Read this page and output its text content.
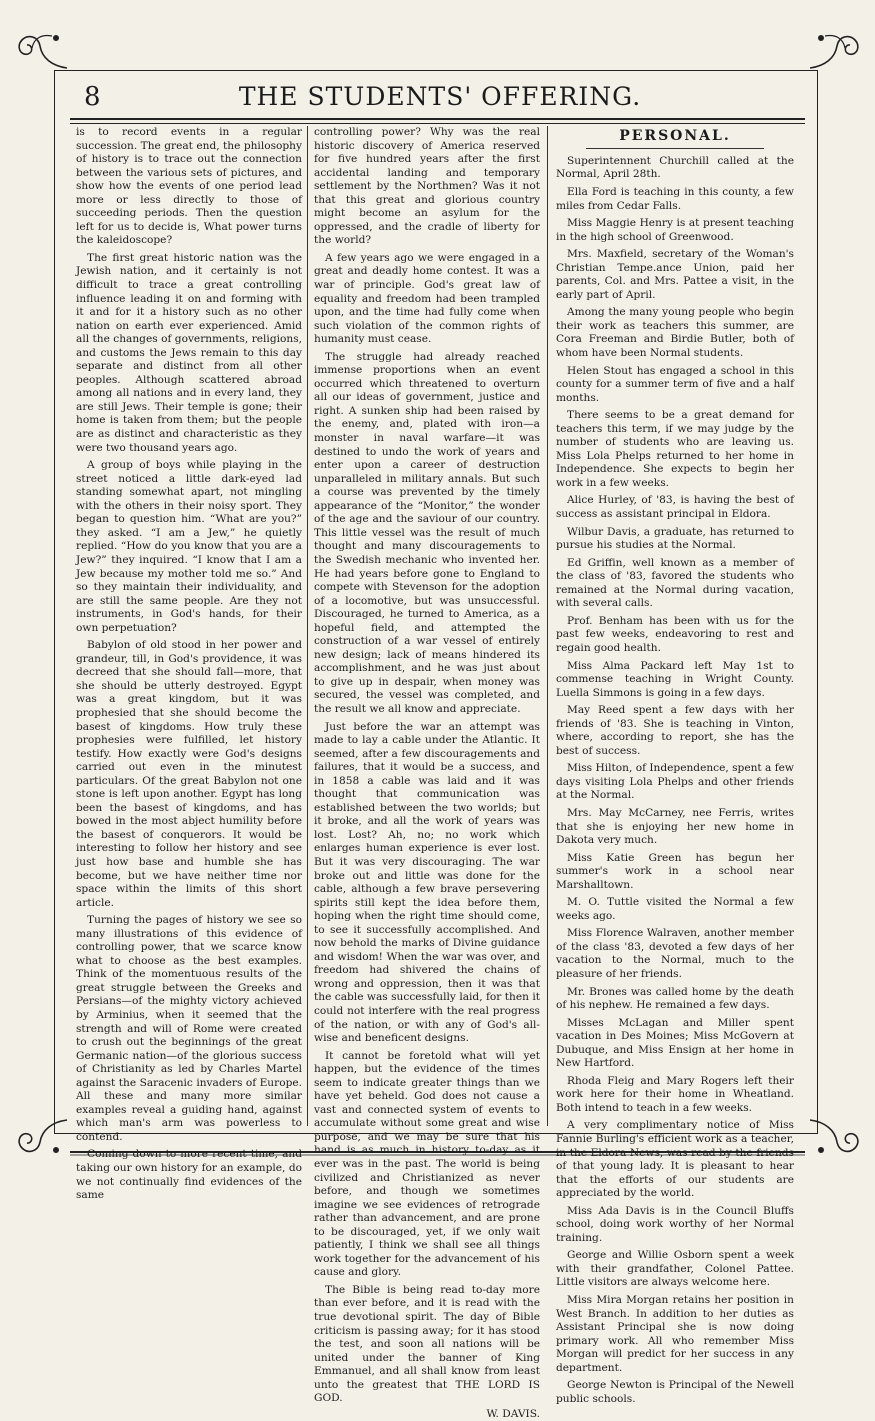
8	THE STUDENTS' OFFERING.

is to record events in a regular succession. The great end, the philosophy of history is to trace out the connection between the various sets of pictures, and show how the events of one period lead more or less directly to those of succeeding periods. Then the question left for us to decide is, What power turns the kaleidoscope?

The first great historic nation was the Jewish nation, and it certainly is not difficult to trace a great controlling influence leading it on and forming with it and for it a history such as no other nation on earth ever experienced. Amid all the changes of governments, religions, and customs the Jews remain to this day separate and distinct from all other peoples. Although scattered abroad among all nations and in every land, they are still Jews. Their temple is gone; their home is taken from them; but the people are as distinct and characteristic as they were two thousand years ago.

A group of boys while playing in the street noticed a little dark-eyed lad standing somewhat apart, not mingling with the others in their noisy sport. They began to question him. “What are you?” they asked. “I am a Jew,” he quietly replied. “How do you know that you are a Jew?” they inquired. “I know that I am a Jew because my mother told me so.” And so they maintain their individuality, and are still the same people. Are they not instruments, in God's hands, for their own perpetuation?

Babylon of old stood in her power and grandeur, till, in God's providence, it was decreed that she should fall—more, that she should be utterly destroyed. Egypt was a great kingdom, but it was prophesied that she should become the basest of kingdoms. How truly these prophesies were fulfilled, let history testify. How exactly were God's designs carried out even in the minutest particulars. Of the great Babylon not one stone is left upon another. Egypt has long been the basest of kingdoms, and has bowed in the most abject humility before the basest of conquerors. It would be interesting to follow her history and see just how base and humble she has become, but we have neither time nor space within the limits of this short article.

Turning the pages of history we see so many illustrations of this evidence of controlling power, that we scarce know what to choose as the best examples. Think of the momentuous results of the great struggle between the Greeks and Persians—of the mighty victory achieved by Arminius, when it seemed that the strength and will of Rome were created to crush out the beginnings of the great Germanic nation—of the glorious success of Christianity as led by Charles Martel against the Saracenic invaders of Europe. All these and many more similar examples reveal a guiding hand, against which man's arm was powerless to contend.

Coming down to more recent time, and taking our own history for an example, do we not continually find evidences of the same

controlling power? Why was the real historic discovery of America reserved for five hundred years after the first accidental landing and temporary settlement by the Northmen? Was it not that this great and glorious country might become an asylum for the oppressed, and the cradle of liberty for the world?

A few years ago we were engaged in a great and deadly home contest. It was a war of principle. God's great law of equality and freedom had been trampled upon, and the time had fully come when such violation of the common rights of humanity must cease.

The struggle had already reached immense proportions when an event occurred which threatened to overturn all our ideas of government, justice and right. A sunken ship had been raised by the enemy, and, plated with iron—a monster in naval warfare—it was destined to undo the work of years and enter upon a career of destruction unparalleled in military annals. But such a course was prevented by the timely appearance of the “Monitor,” the wonder of the age and the saviour of our country. This little vessel was the result of much thought and many discouragements to the Swedish mechanic who invented her. He had years before gone to England to compete with Stevenson for the adoption of a locomotive, but was unsuccessful. Discouraged, he turned to America, as a hopeful field, and attempted the construction of a war vessel of entirely new design; lack of means hindered its accomplishment, and he was just about to give up in despair, when money was secured, the vessel was completed, and the result we all know and appreciate.

Just before the war an attempt was made to lay a cable under the Atlantic. It seemed, after a few discouragements and failures, that it would be a success, and in 1858 a cable was laid and it was thought that communication was established between the two worlds; but it broke, and all the work of years was lost. Lost? Ah, no; no work which enlarges human experience is ever lost. But it was very discouraging. The war broke out and little was done for the cable, although a few brave persevering spirits still kept the idea before them, hoping when the right time should come, to see it successfully accomplished. And now behold the marks of Divine guidance and wisdom! When the war was over, and freedom had shivered the chains of wrong and oppression, then it was that the cable was successfully laid, for then it could not interfere with the real progress of the nation, or with any of God's all-wise and beneficent designs.

It cannot be foretold what will yet happen, but the evidence of the times seem to indicate greater things than we have yet beheld. God does not cause a vast and connected system of events to accumulate without some great and wise purpose, and we may be sure that his hand is as much in history to-day as it ever was in the past. The world is being civilized and Christianized as never before, and though we sometimes imagine we see evidences of retrograde rather than advancement, and are prone to be discouraged, yet, if we only wait patiently, I think we shall see all things work together for the advancement of his cause and glory.

The Bible is being read to-day more than ever before, and it is read with the true devotional spirit. The day of Bible criticism is passing away; for it has stood the test, and soon all nations will be united under the banner of King Emmanuel, and all shall know from least unto the greatest that THE LORD IS GOD.

W. DAVIS.
PERSONAL.

Superintennent Churchill called at the Normal, April 28th.

Ella Ford is teaching in this county, a few miles from Cedar Falls.

Miss Maggie Henry is at present teaching in the high school of Greenwood.

Mrs. Maxfield, secretary of the Woman's Christian Tempe.ance Union, paid her parents, Col. and Mrs. Pattee a visit, in the early part of April.

Among the many young people who begin their work as teachers this summer, are Cora Freeman and Birdie Butler, both of whom have been Normal students.

Helen Stout has engaged a school in this county for a summer term of five and a half months.

There seems to be a great demand for teachers this term, if we may judge by the number of students who are leaving us. Miss Lola Phelps returned to her home in Independence. She expects to begin her work in a few weeks.

Alice Hurley, of '83, is having the best of success as assistant principal in Eldora.

Wilbur Davis, a graduate, has returned to pursue his studies at the Normal.

Ed Griffin, well known as a member of the class of '83, favored the students who remained at the Normal during vacation, with several calls.

Prof. Benham has been with us for the past few weeks, endeavoring to rest and regain good health.

Miss Alma Packard left May 1st to commense teaching in Wright County. Luella Simmons is going in a few days.

May Reed spent a few days with her friends of '83. She is teaching in Vinton, where, according to report, she has the best of success.

Miss Hilton, of Independence, spent a few days visiting Lola Phelps and other friends at the Normal.

Mrs. May McCarney, nee Ferris, writes that she is enjoying her new home in Dakota very much.

Miss Katie Green has begun her summer's work in a school near Marshalltown.

M. O. Tuttle visited the Normal a few weeks ago.

Miss Florence Walraven, another member of the class '83, devoted a few days of her vacation to the Normal, much to the pleasure of her friends.

Mr. Brones was called home by the death of his nephew. He remained a few days.

Misses McLagan and Miller spent vacation in Des Moines; Miss McGovern at Dubuque, and Miss Ensign at her home in New Hartford.

Rhoda Fleig and Mary Rogers left their work here for their home in Wheatland. Both intend to teach in a few weeks.

A very complimentary notice of Miss Fannie Burling's efficient work as a teacher, in the Eldora News, was read by the friends of that young lady. It is pleasant to hear that the efforts of our students are appreciated by the world.

Miss Ada Davis is in the Council Bluffs school, doing work worthy of her Normal training.

George and Willie Osborn spent a week with their grandfather, Colonel Pattee. Little visitors are always welcome here.

Miss Mira Morgan retains her position in West Branch. In addition to her duties as Assistant Principal she is now doing primary work. All who remember Miss Morgan will predict for her success in any department.

George Newton is Principal of the Newell public schools.
